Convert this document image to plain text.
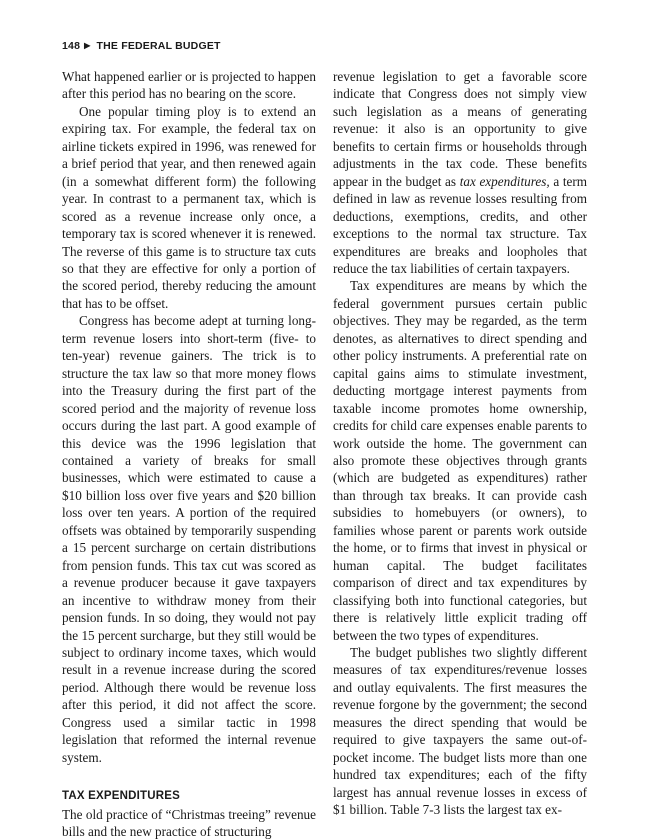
148 ▶ THE FEDERAL BUDGET

What happened earlier or is projected to happen after this period has no bearing on the score.

One popular timing ploy is to extend an expiring tax. For example, the federal tax on airline tickets expired in 1996, was renewed for a brief period that year, and then renewed again (in a somewhat different form) the following year. In contrast to a permanent tax, which is scored as a revenue increase only once, a temporary tax is scored whenever it is renewed. The reverse of this game is to structure tax cuts so that they are effective for only a portion of the scored period, thereby reducing the amount that has to be offset.

Congress has become adept at turning long-term revenue losers into short-term (five- to ten-year) revenue gainers. The trick is to structure the tax law so that more money flows into the Treasury during the first part of the scored period and the majority of revenue loss occurs during the last part. A good example of this device was the 1996 legislation that contained a variety of breaks for small businesses, which were estimated to cause a $10 billion loss over five years and $20 billion loss over ten years. A portion of the required offsets was obtained by temporarily suspending a 15 percent surcharge on certain distributions from pension funds. This tax cut was scored as a revenue producer because it gave taxpayers an incentive to withdraw money from their pension funds. In so doing, they would not pay the 15 percent surcharge, but they still would be subject to ordinary income taxes, which would result in a revenue increase during the scored period. Although there would be revenue loss after this period, it did not affect the score. Congress used a similar tactic in 1998 legislation that reformed the internal revenue system.

TAX EXPENDITURES

The old practice of “Christmas treeing” revenue bills and the new practice of structuring

revenue legislation to get a favorable score indicate that Congress does not simply view such legislation as a means of generating revenue: it also is an opportunity to give benefits to certain firms or households through adjustments in the tax code. These benefits appear in the budget as tax expenditures, a term defined in law as revenue losses resulting from deductions, exemptions, credits, and other exceptions to the normal tax structure. Tax expenditures are breaks and loopholes that reduce the tax liabilities of certain taxpayers.

Tax expenditures are means by which the federal government pursues certain public objectives. They may be regarded, as the term denotes, as alternatives to direct spending and other policy instruments. A preferential rate on capital gains aims to stimulate investment, deducting mortgage interest payments from taxable income promotes home ownership, credits for child care expenses enable parents to work outside the home. The government can also promote these objectives through grants (which are budgeted as expenditures) rather than through tax breaks. It can provide cash subsidies to homebuyers (or owners), to families whose parent or parents work outside the home, or to firms that invest in physical or human capital. The budget facilitates comparison of direct and tax expenditures by classifying both into functional categories, but there is relatively little explicit trading off between the two types of expenditures.

The budget publishes two slightly different measures of tax expenditures/revenue losses and outlay equivalents. The first measures the revenue forgone by the government; the second measures the direct spending that would be required to give taxpayers the same out-of-pocket income. The budget lists more than one hundred tax expenditures; each of the fifty largest has annual revenue losses in excess of $1 billion. Table 7-3 lists the largest tax ex-
